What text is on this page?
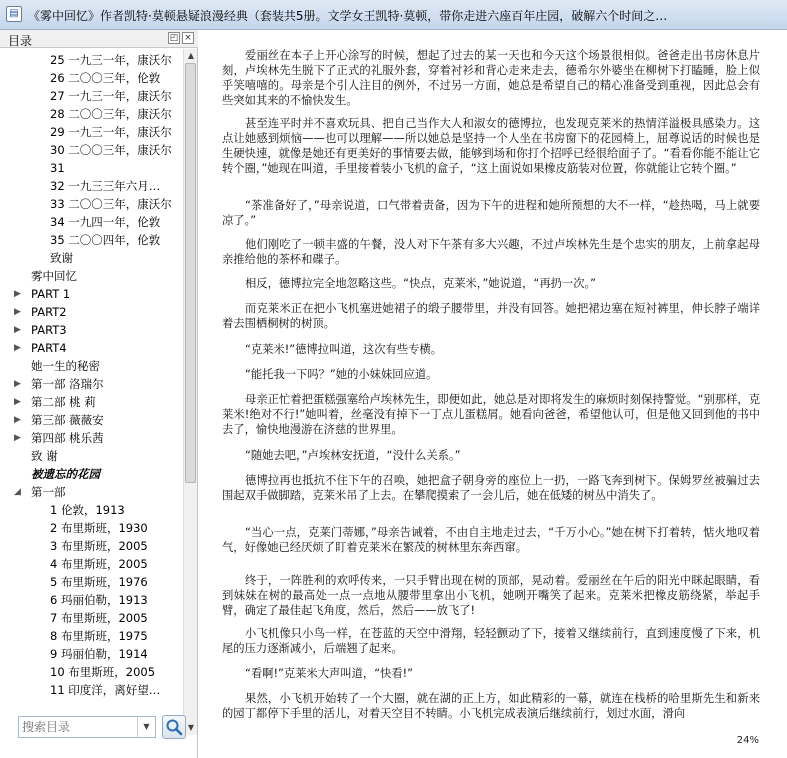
▤ 《雾中回忆》作者凯特·莫顿悬疑浪漫经典（套装共5册。文学女王凯特·莫顿，带你走进六座百年庄园，破解六个时间之…
目录	◰ ×
25 一九三一年，康沃尔
26 二〇〇三年，伦敦
27 一九三一年，康沃尔
28 二〇〇三年，康沃尔
29 一九三一年，康沃尔
30 二〇〇三年，康沃尔
31
32 一九三三年六月…
33 二〇〇三年，康沃尔
34 一九四一年，伦敦
35 二〇〇四年，伦敦
致谢
雾中回忆
▶ PART 1
▶ PART2
▶ PART3
▶ PART4
她一生的秘密
▶ 第一部 洛瑞尔
▶ 第二部 桃 莉
▶ 第三部 薇薇安
▶ 第四部 桃乐茜
致 谢
被遗忘的花园
◢ 第一部
1 伦敦，1913
2 布里斯班，1930
3 布里斯班，2005
4 布里斯班，2005
5 布里斯班，1976
6 玛丽伯勒，1913
7 布里斯班，2005
8 布里斯班，1975
9 玛丽伯勒，1914
10 布里斯班，2005
11 印度洋，离好望…
▲
▼
搜索目录
▼
果然，小飞机开始转了一个大圈，就在湖的正上方，如此精彩的一幕，就连在栈桥的哈里斯先生和新来的园丁都停下手里的活儿，对着天空目不转睛。小飞机完成表演后继续前行，划过水面，滑向
“看啊!”克莱米大声叫道，“快看!”
小飞机像只小鸟一样，在苍蓝的天空中滑翔，轻轻颤动了下，接着又继续前行，直到速度慢了下来，机尾的压力逐渐减小，后端翘了起来。
终于，一阵胜利的欢呼传来，一只手臂出现在树的顶部，晃动着。爱丽丝在午后的阳光中眯起眼睛，看到妹妹在树的最高处一点一点地从腰带里拿出小飞机，她咧开嘴笑了起来。克莱米把橡皮筋绕紧，举起手臂，确定了最佳起飞角度，然后，然后——放飞了!
“当心一点，克莱门蒂娜，”母亲告诫着，不由自主地走过去，“千万小心。”她在树下打着转，惦火地叹着气，好像她已经厌烦了盯着克莱米在繁茂的树林里东奔西窜。
德博拉再也抵抗不住下午的召唤，她把盒子朝身旁的座位上一扔，一路飞奔到树下。保姆罗丝被骗过去围起双手做脚踏，克莱米吊了上去。在攀爬摸索了一会儿后，她在低矮的树丛中消失了。
“随她去吧，”卢埃林安抚道，“没什么关系。”
母亲正忙着把蛋糕强塞给卢埃林先生，即便如此，她总是对即将发生的麻烦时刻保持警觉。“别那样，克莱米!绝对不行!”她叫着，丝毫没有掉下一丁点儿蛋糕屑。她看向爸爸，希望他认可，但是他又回到他的书中去了，愉快地漫游在济慈的世界里。
“能托我一下吗？”她的小妹妹回应道。
“克莱米!”德博拉叫道，这次有些专横。
而克莱米正在把小飞机塞进她裙子的缎子腰带里，并没有回答。她把裙边塞在短衬裤里，伸长脖子端详着去围栖桐树的树顶。
相反，德博拉完全地忽略这些。“快点，克莱米，”她说道，“再扔一次。”
他们刚吃了一顿丰盛的午餐，没人对下午茶有多大兴趣，不过卢埃林先生是个忠实的朋友，上前拿起母亲推给他的茶杯和碟子。
“茶准备好了，”母亲说道，口气带着责备，因为下午的进程和她所预想的大不一样，“趁热喝，马上就要凉了。”
甚至连平时并不喜欢玩具、把自己当作大人和淑女的德博拉，也发现克莱米的热情洋溢极具感染力。这点让她感到烦恼——也可以理解——所以她总是坚持一个人坐在书房窗下的花园椅上，屈尊说话的时候也是生硬快速，就像是她还有更美好的事情要去做，能够到场和你打个招呼已经很给面子了。“看看你能不能让它转个圈，”她现在叫道，手里接着装小飞机的盒子，“这上面说如果橡皮筋装对位置，你就能让它转个圈。”
爱丽丝在本子上开心涂写的时候，想起了过去的某一天也和今天这个场景很相似。爸爸走出书房休息片刻，卢埃林先生脱下了正式的礼服外套，穿着衬衫和背心走来走去，德希尔外婆坐在柳树下打瞌睡，脸上似乎笑嘻嘻的。母亲是个引人注目的例外，不过另一方面，她总是希望自己的精心准备受到重视，因此总会有些突如其来的不愉快发生。
24%
